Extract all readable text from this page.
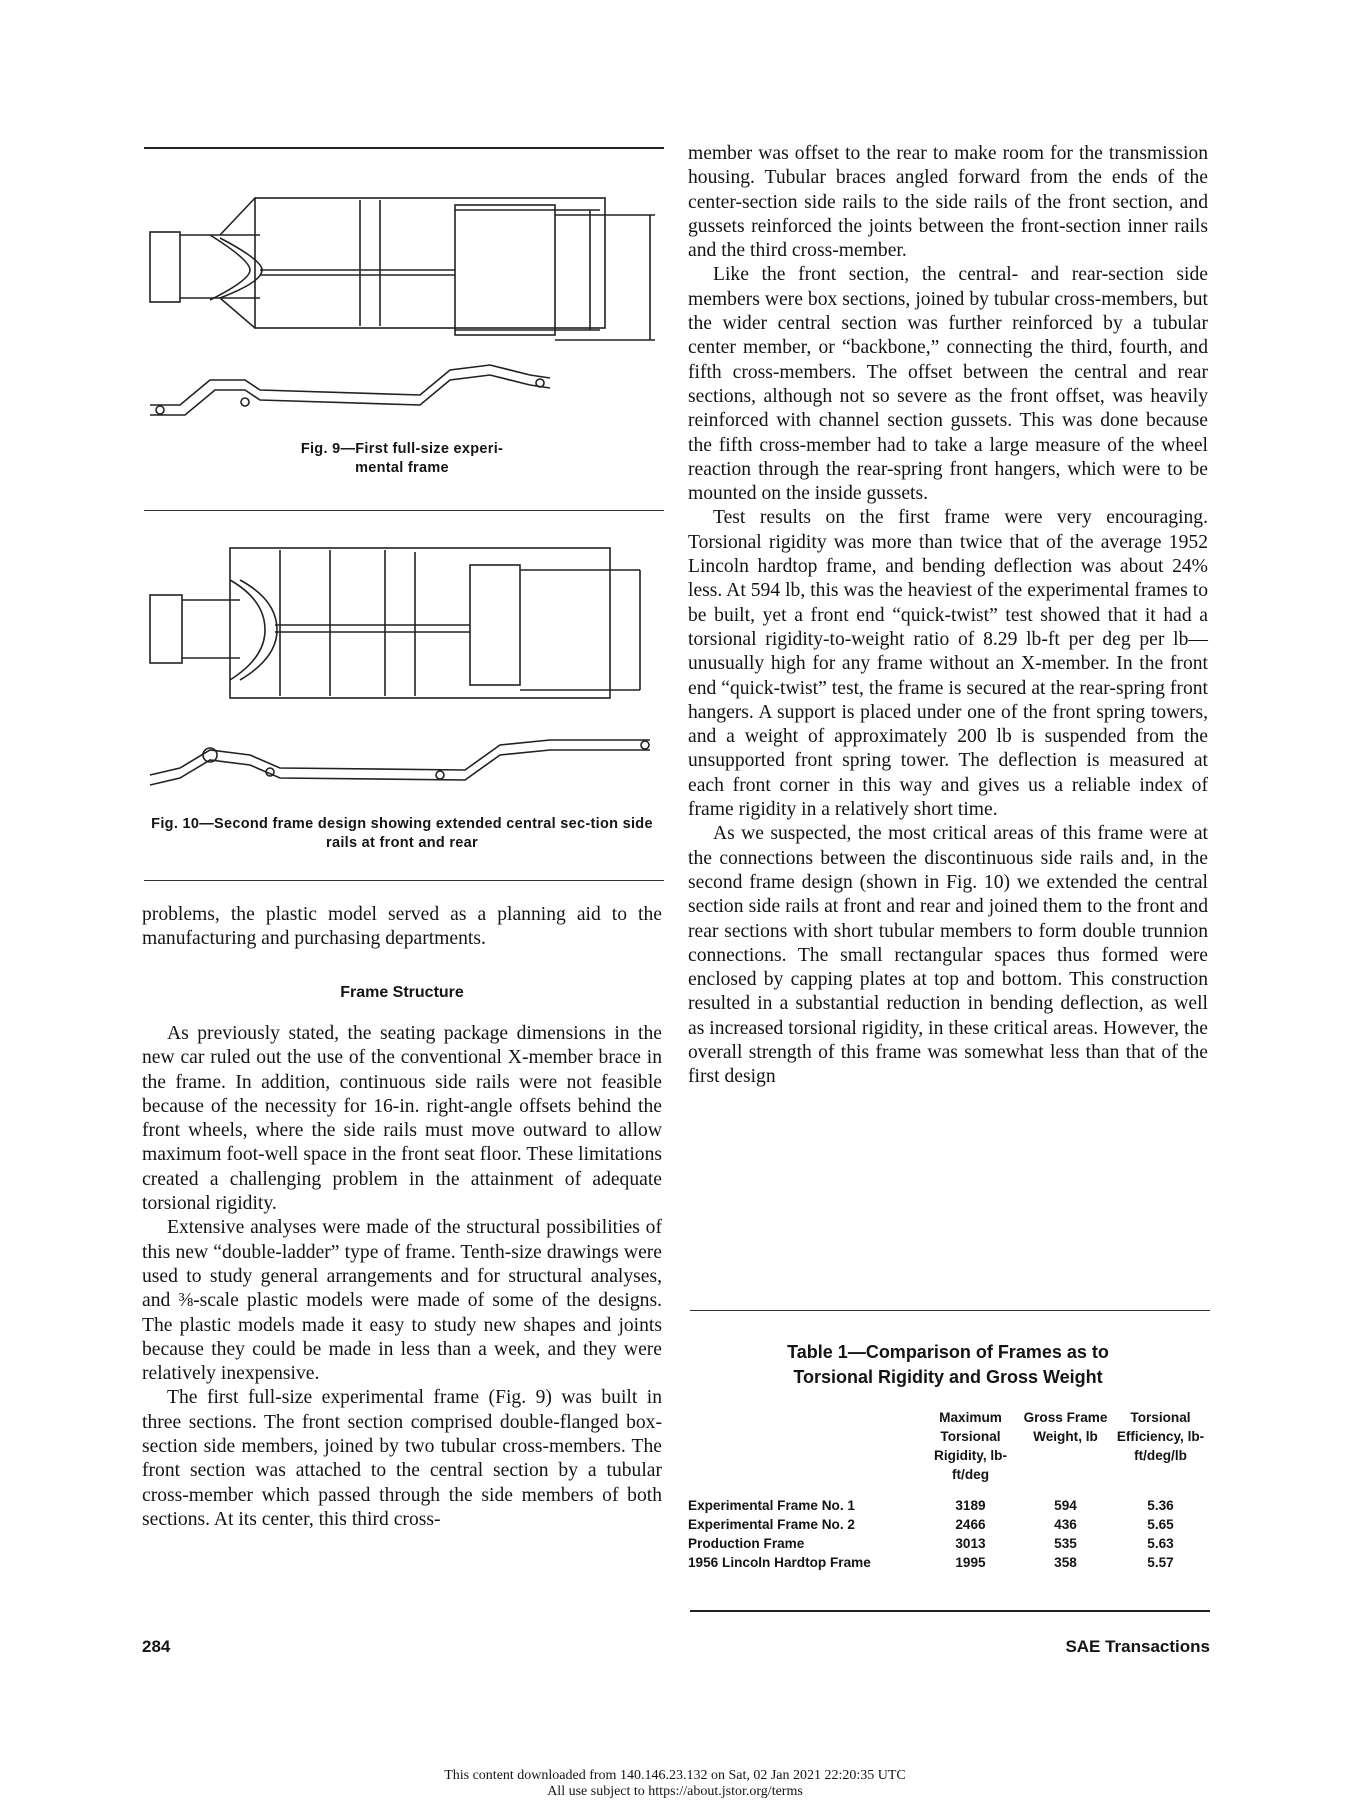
Fig. 9—First full-size experi-mental frame
Fig. 10—Second frame design showing extended central sec-tion side rails at front and rear

problems, the plastic model served as a planning aid to the manufacturing and purchasing departments.

Frame Structure

As previously stated, the seating package dimensions in the new car ruled out the use of the conventional X-member brace in the frame. In addition, continuous side rails were not feasible because of the necessity for 16-in. right-angle offsets behind the front wheels, where the side rails must move outward to allow maximum foot-well space in the front seat floor. These limitations created a challenging problem in the attainment of adequate torsional rigidity.

Extensive analyses were made of the structural possibilities of this new “double-ladder” type of frame. Tenth-size drawings were used to study general arrangements and for structural analyses, and ⅜-scale plastic models were made of some of the designs. The plastic models made it easy to study new shapes and joints because they could be made in less than a week, and they were relatively inexpensive.

The first full-size experimental frame (Fig. 9) was built in three sections. The front section comprised double-flanged box-section side members, joined by two tubular cross-members. The front section was attached to the central section by a tubular cross-member which passed through the side members of both sections. At its center, this third cross-

member was offset to the rear to make room for the transmission housing. Tubular braces angled forward from the ends of the center-section side rails to the side rails of the front section, and gussets reinforced the joints between the front-section inner rails and the third cross-member.

Like the front section, the central- and rear-section side members were box sections, joined by tubular cross-members, but the wider central section was further reinforced by a tubular center member, or “backbone,” connecting the third, fourth, and fifth cross-members. The offset between the central and rear sections, although not so severe as the front offset, was heavily reinforced with channel section gussets. This was done because the fifth cross-member had to take a large measure of the wheel reaction through the rear-spring front hangers, which were to be mounted on the inside gussets.

Test results on the first frame were very encouraging. Torsional rigidity was more than twice that of the average 1952 Lincoln hardtop frame, and bending deflection was about 24% less. At 594 lb, this was the heaviest of the experimental frames to be built, yet a front end “quick-twist” test showed that it had a torsional rigidity-to-weight ratio of 8.29 lb-ft per deg per lb—unusually high for any frame without an X-member. In the front end “quick-twist” test, the frame is secured at the rear-spring front hangers. A support is placed under one of the front spring towers, and a weight of approximately 200 lb is suspended from the unsupported front spring tower. The deflection is measured at each front corner in this way and gives us a reliable index of frame rigidity in a relatively short time.

As we suspected, the most critical areas of this frame were at the connections between the discontinuous side rails and, in the second frame design (shown in Fig. 10) we extended the central section side rails at front and rear and joined them to the front and rear sections with short tubular members to form double trunnion connections. The small rectangular spaces thus formed were enclosed by capping plates at top and bottom. This construction resulted in a substantial reduction in bending deflection, as well as increased torsional rigidity, in these critical areas. However, the overall strength of this frame was somewhat less than that of the first design

Table 1—Comparison of Frames as to
Torsional Rigidity and Gross Weight
	Maximum Torsional Rigidity, lb-ft/deg	Gross Frame Weight, lb	Torsional Efficiency, lb-ft/deg/lb

Experimental Frame No. 1	3189	594	5.36
Experimental Frame No. 2	2466	436	5.65
Production Frame	3013	535	5.63
1956 Lincoln Hardtop Frame	1995	358	5.57
284	SAE Transactions
This content downloaded from 140.146.23.132 on Sat, 02 Jan 2021 22:20:35 UTC
All use subject to https://about.jstor.org/terms
